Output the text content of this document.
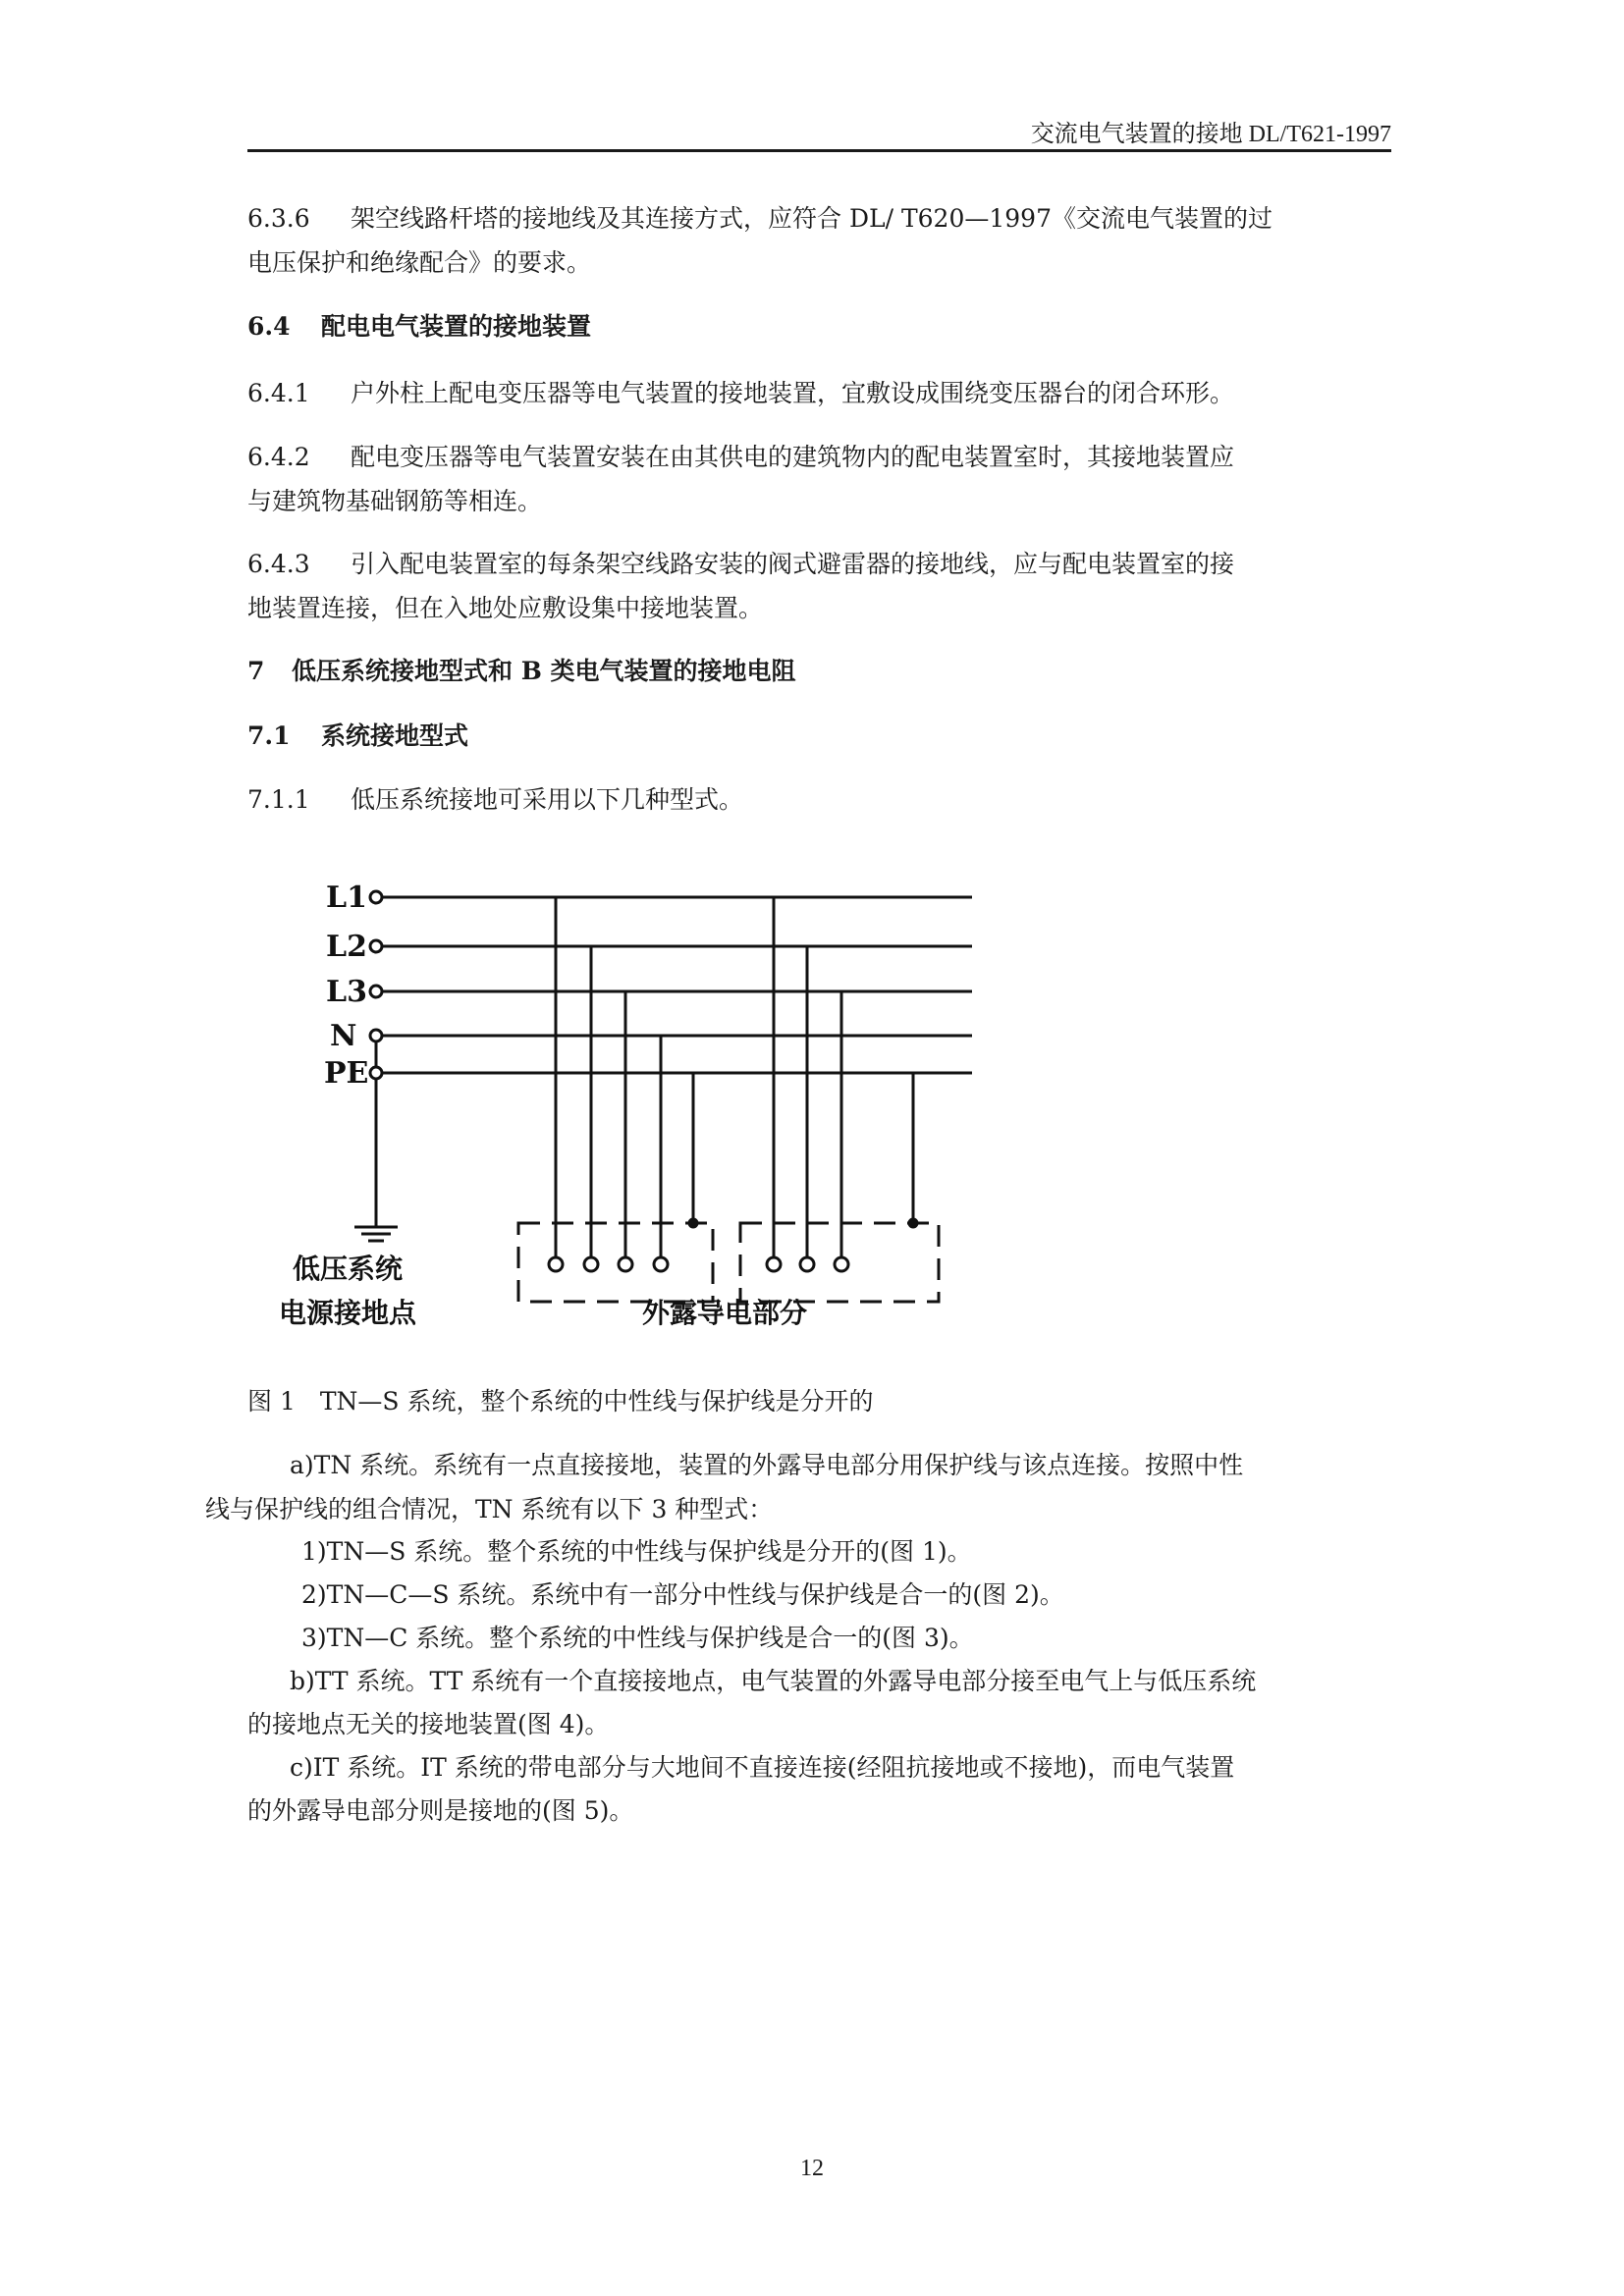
交流电气装置的接地 DL/T621-1997
6.3.6 架空线路杆塔的接地线及其连接方式，应符合 DL/ T620—1997《交流电气装置的过
电压保护和绝缘配合》的要求。
6.4 配电电气装置的接地装置
6.4.1 户外柱上配电变压器等电气装置的接地装置，宜敷设成围绕变压器台的闭合环形。
6.4.2 配电变压器等电气装置安装在由其供电的建筑物内的配电装置室时，其接地装置应
与建筑物基础钢筋等相连。
6.4.3 引入配电装置室的每条架空线路安装的阀式避雷器的接地线，应与配电装置室的接
地装置连接，但在入地处应敷设集中接地装置。
7 低压系统接地型式和 B 类电气装置的接地电阻
7.1 系统接地型式
7.1.1 低压系统接地可采用以下几种型式。
L1
L2
L3
N
PE
低压系统
电源接地点	外露导电部分
图 1　TN—S 系统，整个系统的中性线与保护线是分开的
a)TN 系统。系统有一点直接接地，装置的外露导电部分用保护线与该点连接。按照中性
线与保护线的组合情况，TN 系统有以下 3 种型式：
1)TN—S 系统。整个系统的中性线与保护线是分开的(图 1)。
2)TN—C—S 系统。系统中有一部分中性线与保护线是合一的(图 2)。
3)TN—C 系统。整个系统的中性线与保护线是合一的(图 3)。
b)TT 系统。TT 系统有一个直接接地点，电气装置的外露导电部分接至电气上与低压系统
的接地点无关的接地装置(图 4)。
c)IT 系统。IT 系统的带电部分与大地间不直接连接(经阻抗接地或不接地)，而电气装置
的外露导电部分则是接地的(图 5)。
12
